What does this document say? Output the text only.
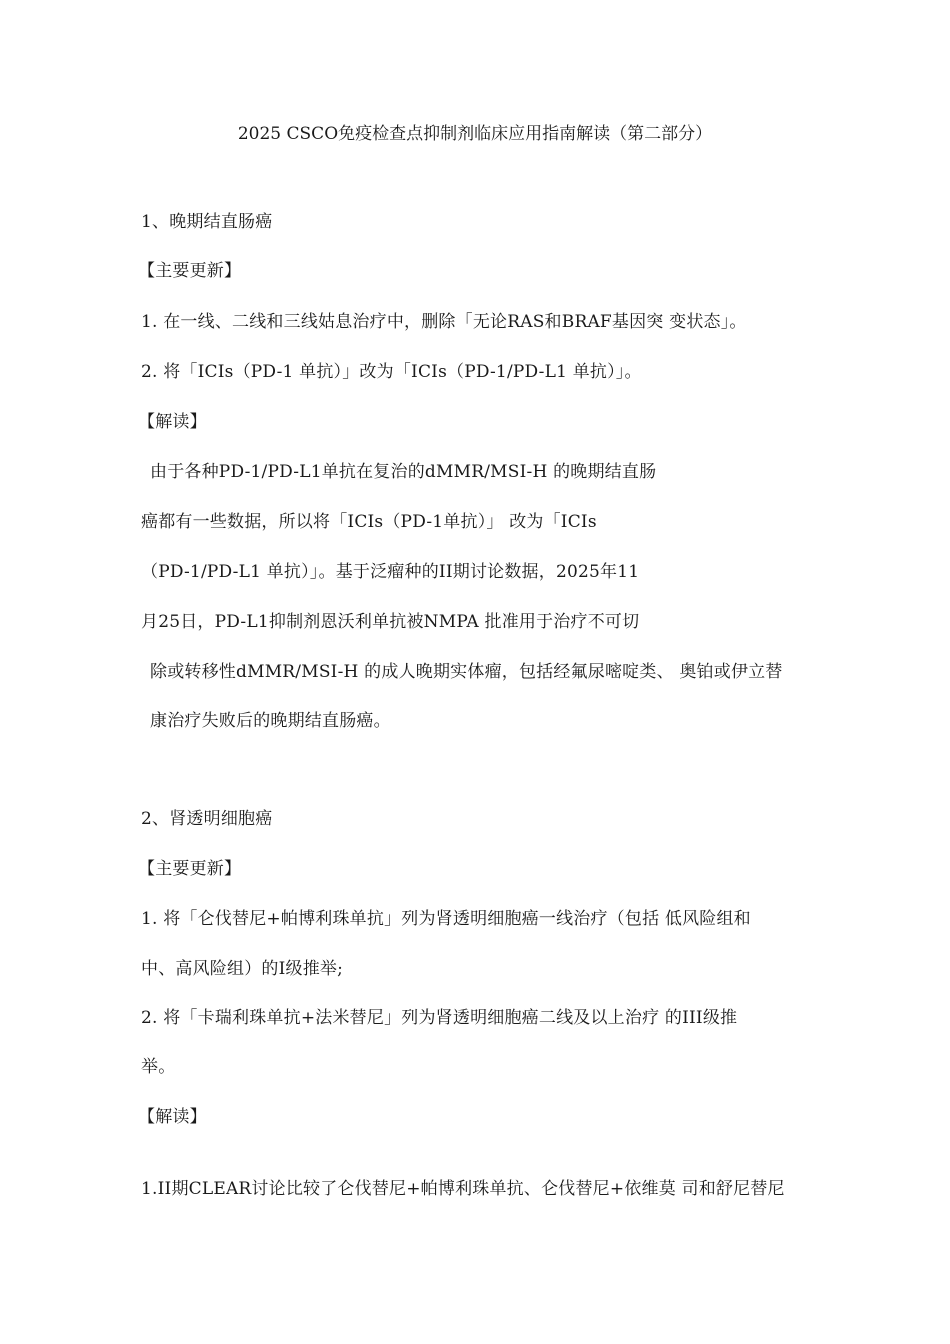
2025 CSCO免疫检查点抑制剂临床应用指南解读（第二部分）
1、晚期结直肠癌
【主要更新】
1. 在一线、二线和三线姑息治疗中，删除「无论RAS和BRAF基因突 变状态」。
2. 将「ICIs（PD-1 单抗）」改为「ICIs（PD-1/PD-L1 单抗）」。
【解读】
由于各种PD-1/PD-L1单抗在复治的dMMR/MSI-H 的晚期结直肠
癌都有一些数据，所以将「ICIs（PD-1单抗）」 改为「ICIs
（PD-1/PD-L1 单抗）」。基于泛瘤种的II期讨论数据，2025年11
月25日，PD-L1抑制剂恩沃利单抗被NMPA 批准用于治疗不可切
除或转移性dMMR/MSI-H 的成人晚期实体瘤，包括经氟尿嘧啶类、 奥铂或伊立替
康治疗失败后的晚期结直肠癌。
2、肾透明细胞癌
【主要更新】
1. 将「仑伐替尼+帕博利珠单抗」列为肾透明细胞癌一线治疗（包括 低风险组和
中、高风险组）的I级推举;
2. 将「卡瑞利珠单抗+法米替尼」列为肾透明细胞癌二线及以上治疗 的III级推
举。
【解读】
1.II期CLEAR讨论比较了仑伐替尼+帕博利珠单抗、仑伐替尼+依维莫 司和舒尼替尼
